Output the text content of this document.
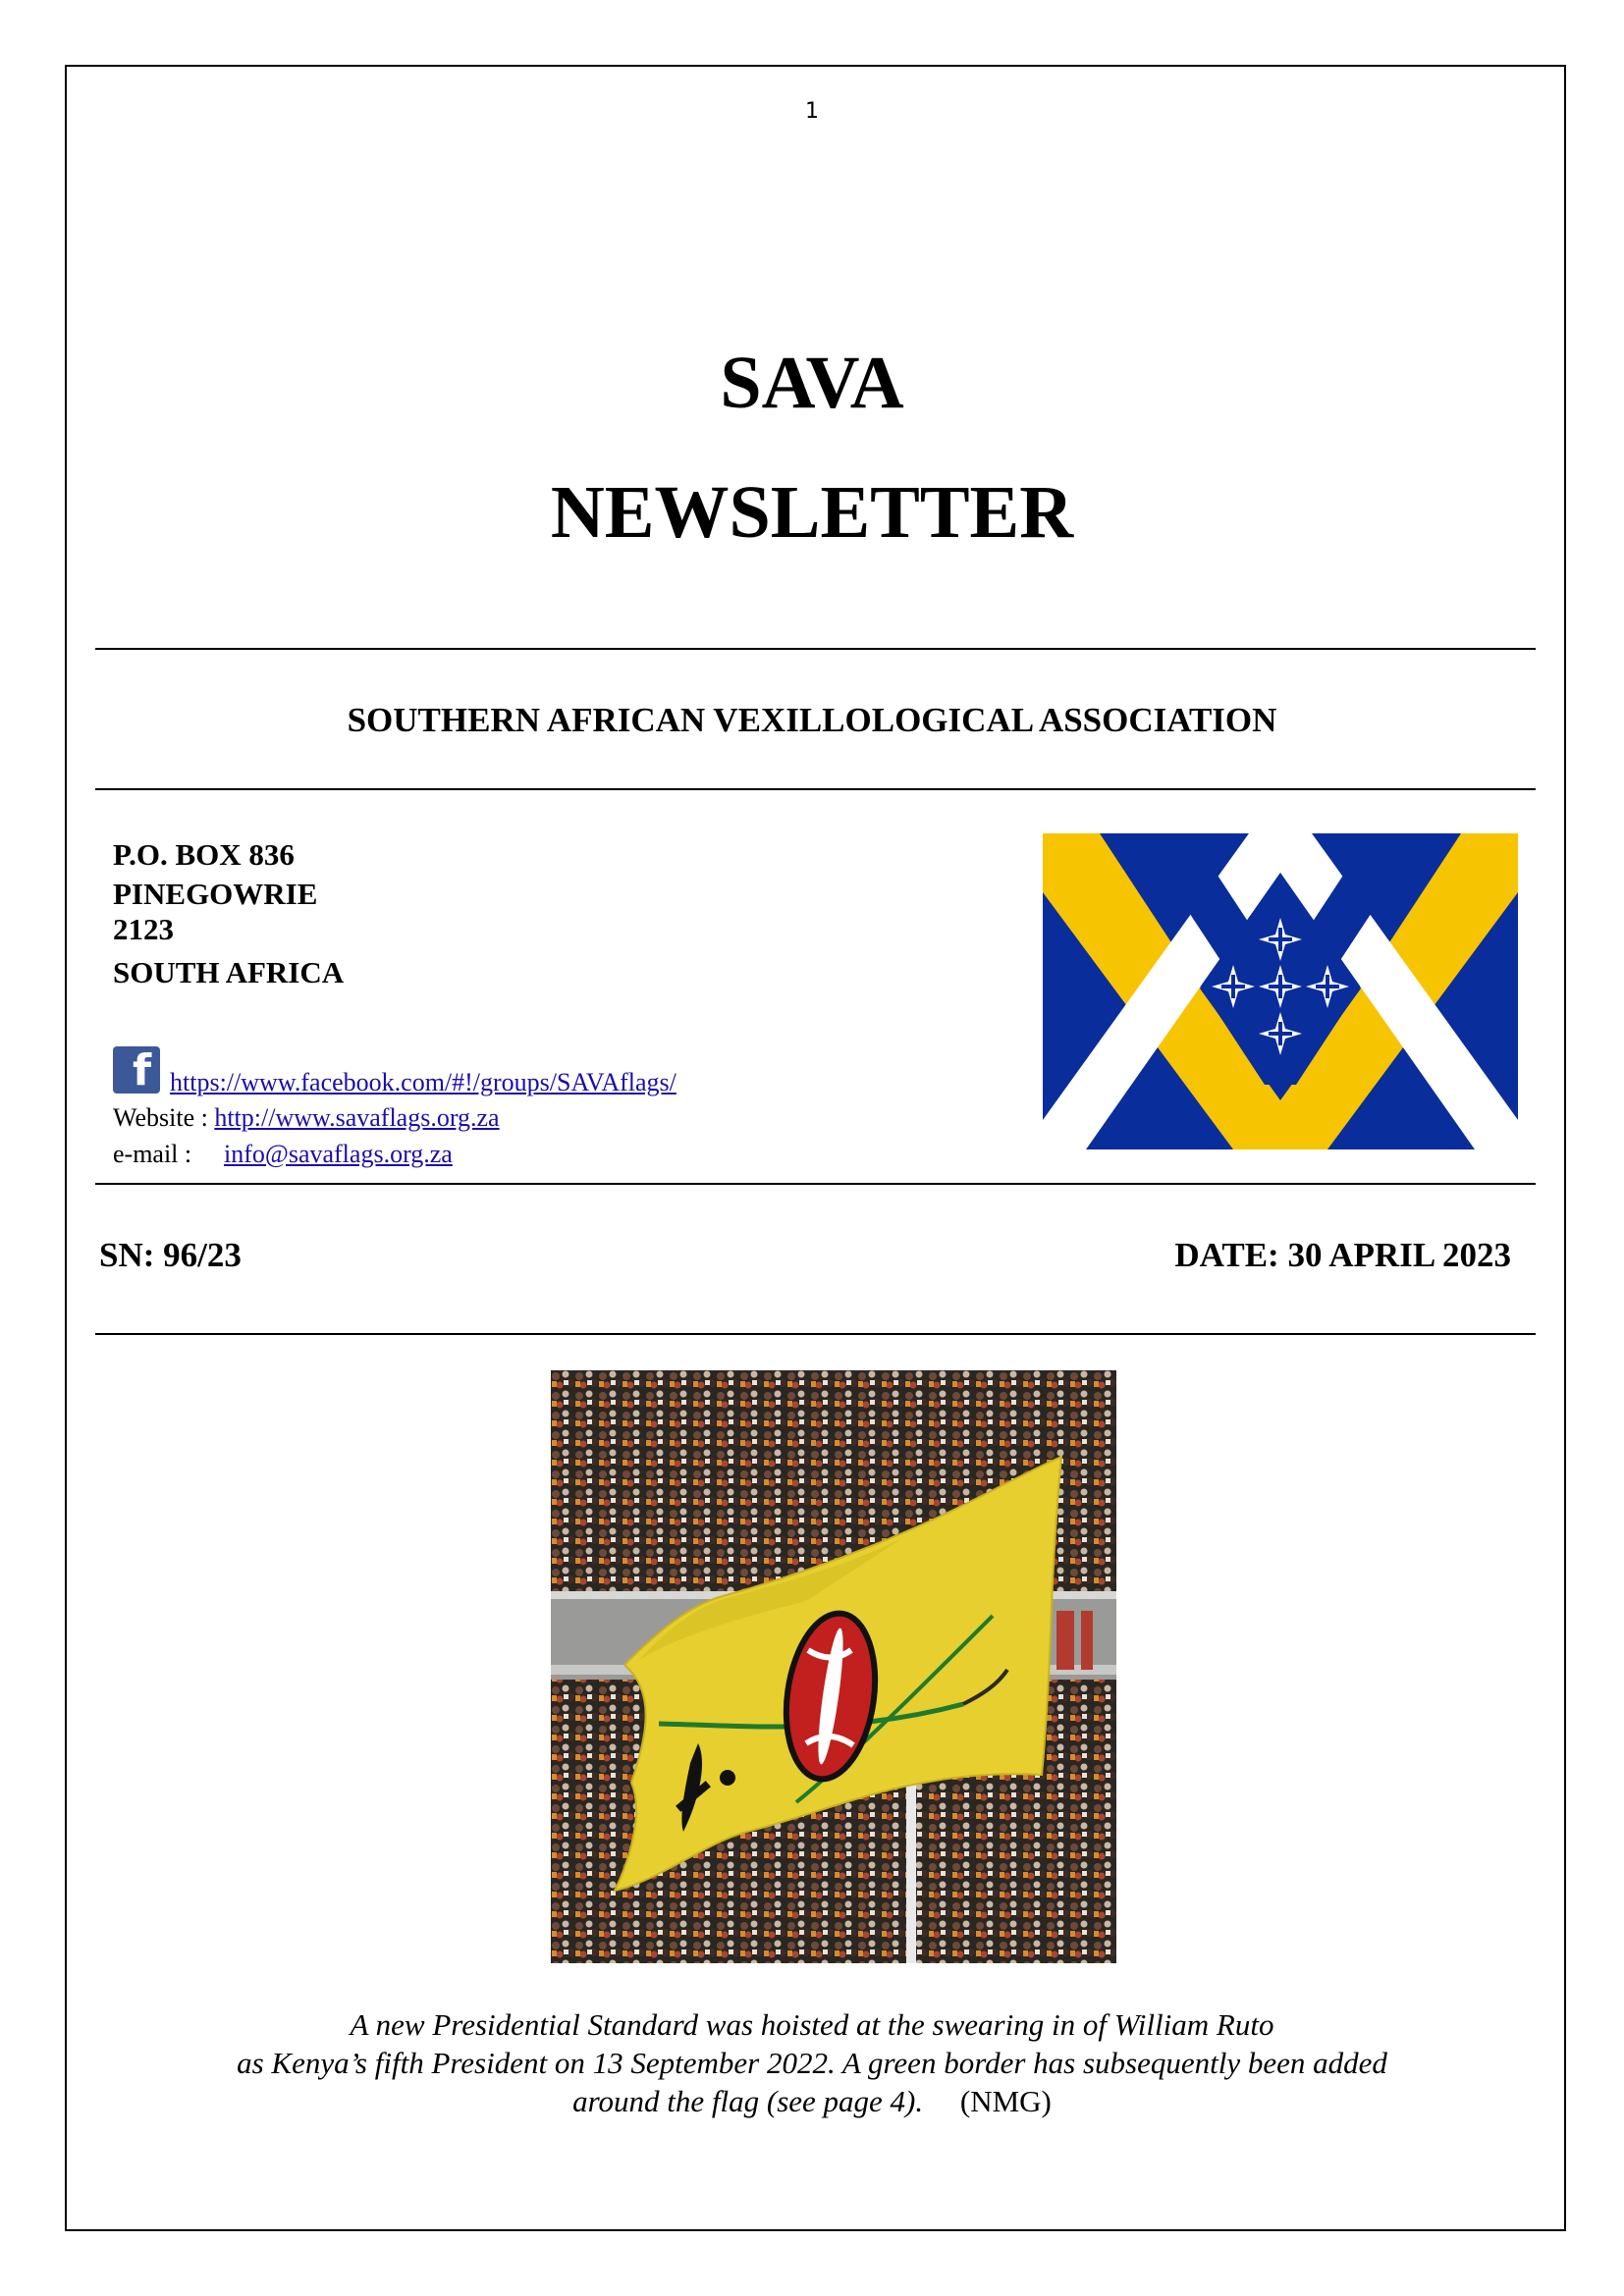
1
SAVA
NEWSLETTER
SOUTHERN AFRICAN VEXILLOLOGICAL ASSOCIATION
P.O. BOX 836
PINEGOWRIE
2123
SOUTH AFRICA
f https://www.facebook.com/#!/groups/SAVAflags/
Website : http://www.savaflags.org.za
e-mail : info@savaflags.org.za
SN: 96/23	DATE: 30 APRIL 2023
A new Presidential Standard was hoisted at the swearing in of William Ruto
as Kenya’s fifth President on 13 September 2022. A green border has subsequently been added
around the flag (see page 4). (NMG)
